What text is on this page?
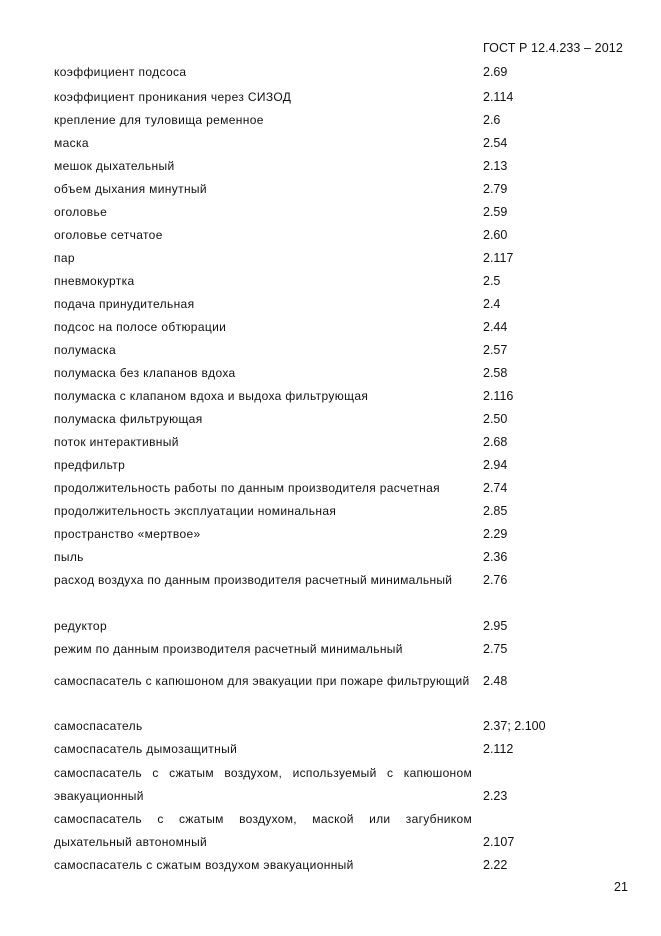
ГОСТ Р 12.4.233 – 2012
коэффициент подсоса	2.69
коэффициент проникания через СИЗОД	2.114
крепление для туловища ременное	2.6
маска	2.54
мешок дыхательный	2.13
объем дыхания минутный	2.79
оголовье	2.59
оголовье сетчатое	2.60
пар	2.117
пневмокуртка	2.5
подача принудительная	2.4
подсос на полосе обтюрации	2.44
полумаска	2.57
полумаска без клапанов вдоха	2.58
полумаска с клапаном вдоха и выдоха фильтрующая	2.116
полумаска фильтрующая	2.50
поток интерактивный	2.68
предфильтр	2.94
продолжительность работы по данным производителя расчетная	2.74
продолжительность эксплуатации номинальная	2.85
пространство «мертвое»	2.29
пыль	2.36
расход воздуха по данным производителя расчетный минимальный	2.76
редуктор	2.95
режим по данным производителя расчетный минимальный	2.75
самоспасатель с капюшоном для эвакуации при пожаре фильтрующий 2.48
самоспасатель	2.37; 2.100
самоспасатель дымозащитный	2.112
самоспасатель с сжатым воздухом, используемый с капюшоном эвакуационный	2.23
самоспасатель с сжатым воздухом, маской или загубником дыхательный автономный	2.107
самоспасатель с сжатым воздухом эвакуационный	2.22
21
